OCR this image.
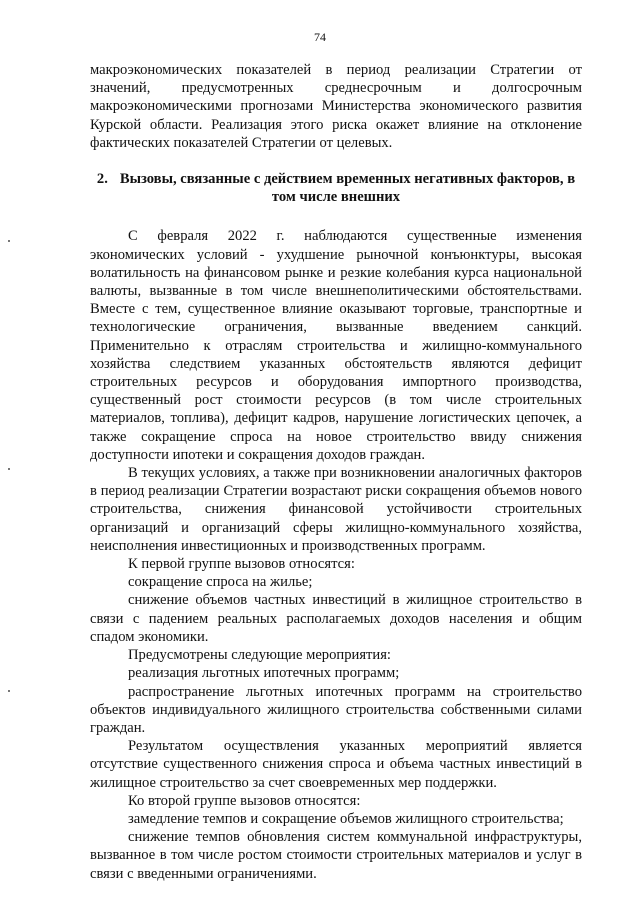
74

макроэкономических показателей в период реализации Стратегии от значений, предусмотренных среднесрочным и долгосрочным макроэкономическими прогнозами Министерства экономического развития Курской области. Реализация этого риска окажет влияние на отклонение фактических показателей Стратегии от целевых.

2. Вызовы, связанные с действием временных негативных факторов, в том числе внешних

С февраля 2022 г. наблюдаются существенные изменения экономических условий - ухудшение рыночной конъюнктуры, высокая волатильность на финансовом рынке и резкие колебания курса национальной валюты, вызванные в том числе внешнеполитическими обстоятельствами. Вместе с тем, существенное влияние оказывают торговые, транспортные и технологические ограничения, вызванные введением санкций. Применительно к отраслям строительства и жилищно-коммунального хозяйства следствием указанных обстоятельств являются дефицит строительных ресурсов и оборудования импортного производства, существенный рост стоимости ресурсов (в том числе строительных материалов, топлива), дефицит кадров, нарушение логистических цепочек, а также сокращение спроса на новое строительство ввиду снижения доступности ипотеки и сокращения доходов граждан.

В текущих условиях, а также при возникновении аналогичных факторов в период реализации Стратегии возрастают риски сокращения объемов нового строительства, снижения финансовой устойчивости строительных организаций и организаций сферы жилищно-коммунального хозяйства, неисполнения инвестиционных и производственных программ.

К первой группе вызовов относятся:

сокращение спроса на жилье;

снижение объемов частных инвестиций в жилищное строительство в связи с падением реальных располагаемых доходов населения и общим спадом экономики.

Предусмотрены следующие мероприятия:

реализация льготных ипотечных программ;

распространение льготных ипотечных программ на строительство объектов индивидуального жилищного строительства собственными силами граждан.

Результатом осуществления указанных мероприятий является отсутствие существенного снижения спроса и объема частных инвестиций в жилищное строительство за счет своевременных мер поддержки.

Ко второй группе вызовов относятся:

замедление темпов и сокращение объемов жилищного строительства;

снижение темпов обновления систем коммунальной инфраструктуры, вызванное в том числе ростом стоимости строительных материалов и услуг в связи с введенными ограничениями.
